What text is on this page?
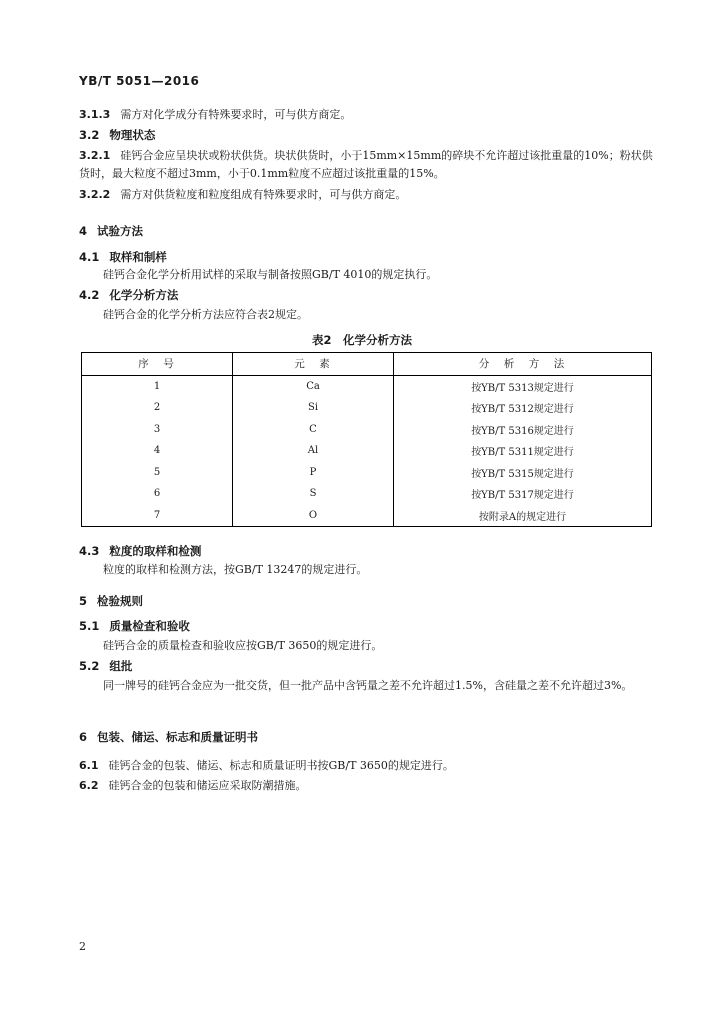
YB/T 5051—2016
3.1.3 需方对化学成分有特殊要求时，可与供方商定。
3.2 物理状态
3.2.1 硅钙合金应呈块状或粉状供货。块状供货时，小于15mm×15mm的碎块不允许超过该批重量的10%；粉状供货时，最大粒度不超过3mm，小于0.1mm粒度不应超过该批重量的15%。
3.2.2 需方对供货粒度和粒度组成有特殊要求时，可与供方商定。
4 试验方法
4.1 取样和制样
硅钙合金化学分析用试样的采取与制备按照GB/T 4010的规定执行。
4.2 化学分析方法
硅钙合金的化学分析方法应符合表2规定。
表2　化学分析方法
序　号	元　素	分　析　方　法
1	Ca	按YB/T 5313规定进行
2	Si	按YB/T 5312规定进行
3	C	按YB/T 5316规定进行
4	Al	按YB/T 5311规定进行
5	P	按YB/T 5315规定进行
6	S	按YB/T 5317规定进行
7	O	按附录A的规定进行
4.3 粒度的取样和检测
粒度的取样和检测方法，按GB/T 13247的规定进行。
5 检验规则
5.1 质量检查和验收
硅钙合金的质量检查和验收应按GB/T 3650的规定进行。
5.2 组批
同一牌号的硅钙合金应为一批交货，但一批产品中含钙量之差不允许超过1.5%，含硅量之差不允许超过3%。
6 包装、储运、标志和质量证明书
6.1 硅钙合金的包装、储运、标志和质量证明书按GB/T 3650的规定进行。
6.2 硅钙合金的包装和储运应采取防潮措施。
2
